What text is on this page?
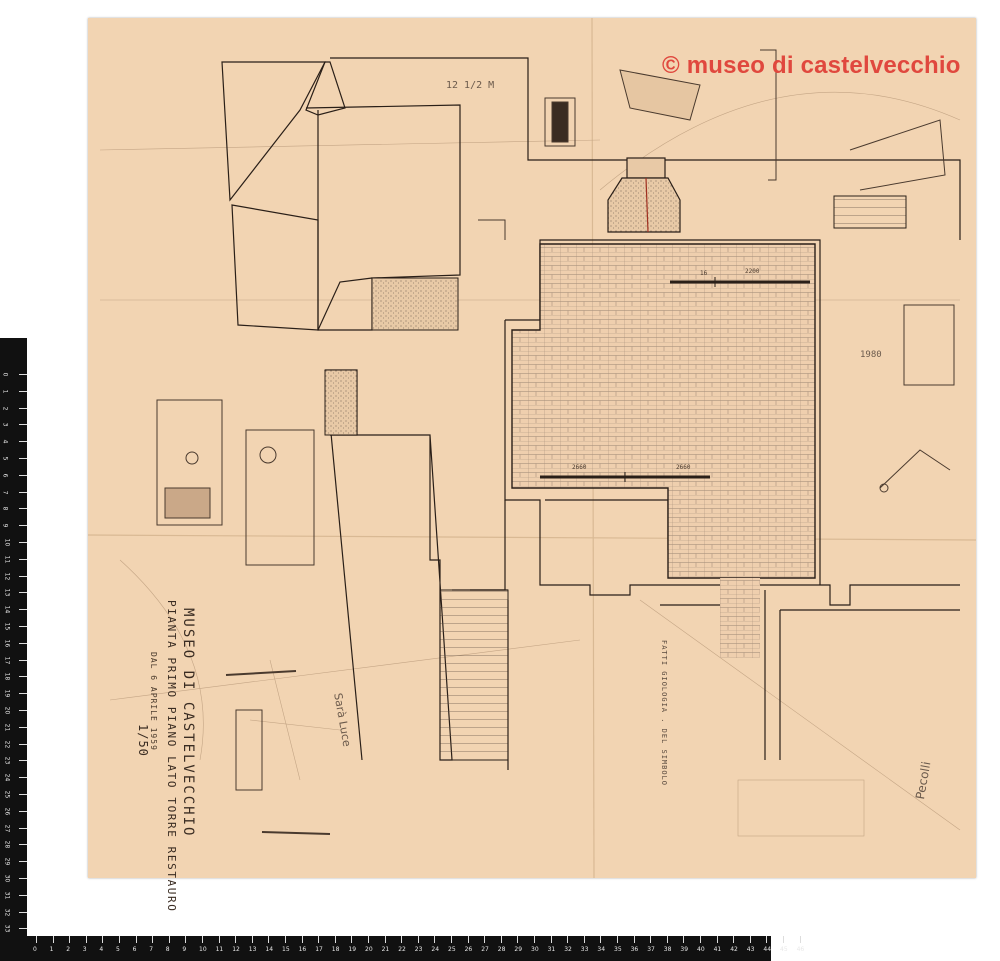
© museo di castelvecchio
MUSEO DI CASTELVECCHIO
PIANTA PRIMO PIANO LATO TORRE RESTAURO
DAL 6 APRILE 1959
1/50	FATTI GIOLOGIA . DEL SIMBOLO
Sarà Luce
Pecolli
12 1/2 M
1980
16	2200
2660	2660
0
1
2
3
4
5
6
7
8
9
10
11
12
13
14
15
16
17
18
19
20
21
22
23
24
25
26
27
28
29
30
31
32
33
0 1 2 3 4 5 6 7 8 9 10 11 12 13 14 15 16 17 18 19 20 21 22 23 24 25 26 27 28 29 30 31 32 33 34 35 36 37 38 39 40 41 42 43 44 45 46
